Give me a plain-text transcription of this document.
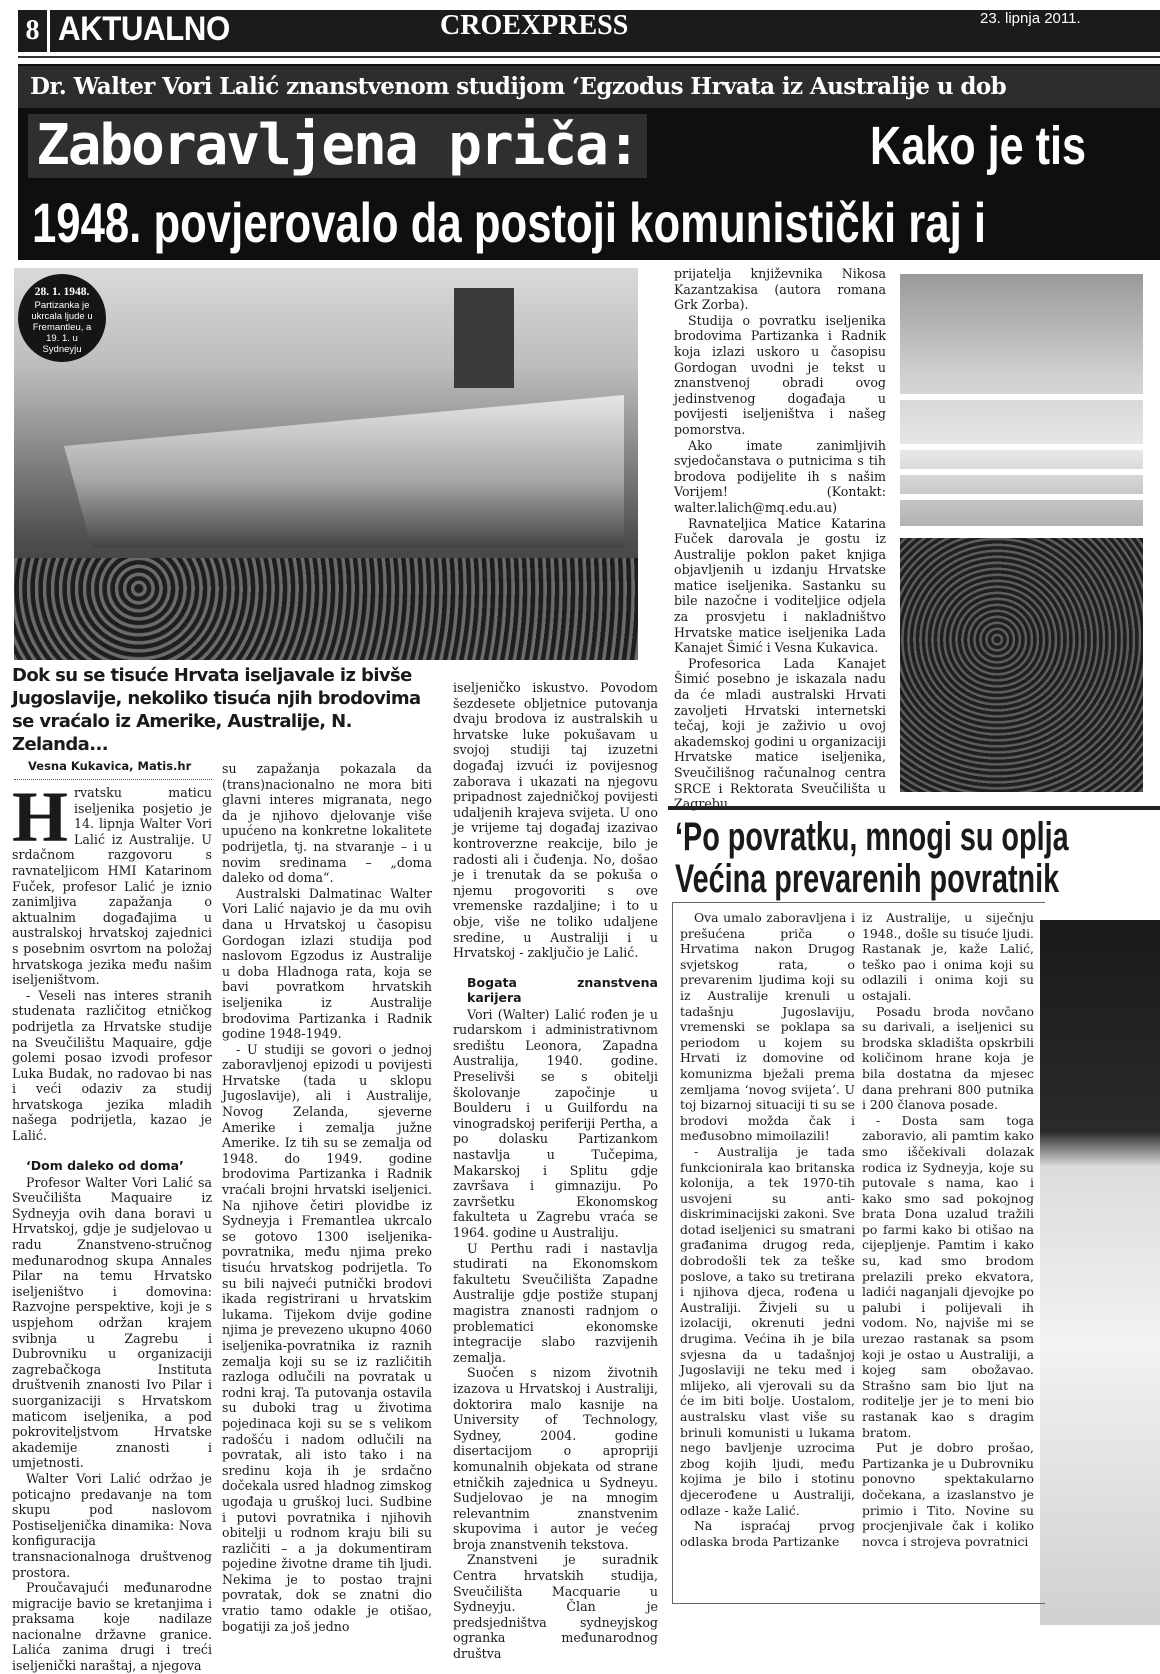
8 AKTUALNO	CROEXPRESS	23. lipnja 2011.
Dr. Walter Vori Lalić znanstvenom studijom ‘Egzodus Hrvata iz Australije u dob
Zaboravljena priča:	Kako je tis
1948. povjerovalo da postoji komunistički raj i
28. 1. 1948.
Partizanka je ukrcala ljude u Fremantleu, a 19. 1. u Sydneyju
Dok su se tisuće Hrvata iseljavale iz bivše Jugoslavije, nekoliko tisuća njih brodovima se vraćalo iz Amerike, Australije, N. Zelanda...
Vesna Kukavica, Matis.hr
H rvatsku maticu iseljenika posjetio je 14. lipnja Walter Vori Lalić iz Australije. U srdačnom razgovoru s ravnateljicom HMI Katarinom Fuček, profesor Lalić je iznio zanimljiva zapažanja o aktualnim događajima u australskoj hrvatskoj zajednici s posebnim osvrtom na položaj hrvatskoga jezika među našim iseljeništvom.

- Veseli nas interes stranih studenata različitog etničkog podrijetla za Hrvatske studije na Sveučilištu Maquaire, gdje golemi posao izvodi profesor Luka Budak, no radovao bi nas i veći odaziv za studij hrvatskoga jezika mladih našega podrijetla, kazao je Lalić.

‘Dom daleko od doma’

Profesor Walter Vori Lalić sa Sveučilišta Maquaire iz Sydneyja ovih dana boravi u Hrvatskoj, gdje je sudjelovao u radu Znanstveno-stručnog međunarodnog skupa Annales Pilar na temu Hrvatsko iseljeništvo i domovina: Razvojne perspektive, koji je s uspjehom održan krajem svibnja u Zagrebu i Dubrovniku u organizaciji zagrebačkoga Instituta društvenih znanosti Ivo Pilar i suorganizaciji s Hrvatskom maticom iseljenika, a pod pokroviteljstvom Hrvatske akademije znanosti i umjetnosti.

Walter Vori Lalić održao je poticajno predavanje na tom skupu pod naslovom Postiseljenička dinamika: Nova konfiguracija transnacionalnoga društvenog prostora.

Proučavajući međunarodne migracije bavio se kretanjima i praksama koje nadilaze nacionalne državne granice. Lalića zanima drugi i treći iseljenički naraštaj, a njegova

su zapažanja pokazala da (trans)nacionalno ne mora biti glavni interes migranata, nego da je njihovo djelovanje više upućeno na konkretne lokalitete podrijetla, tj. na stvaranje – i u novim sredinama – „doma daleko od doma“.

Australski Dalmatinac Walter Vori Lalić najavio je da mu ovih dana u Hrvatskoj u časopisu Gordogan izlazi studija pod naslovom Egzodus iz Australije u doba Hladnoga rata, koja se bavi povratkom hrvatskih iseljenika iz Australije brodovima Partizanka i Radnik godine 1948-1949.

- U studiji se govori o jednoj zaboravljenoj epizodi u povijesti Hrvatske (tada u sklopu Jugoslavije), ali i Australije, Novog Zelanda, sjeverne Amerike i zemalja južne Amerike. Iz tih su se zemalja od 1948. do 1949. godine brodovima Partizanka i Radnik vraćali brojni hrvatski iseljenici. Na njihove četiri plovidbe iz Sydneyja i Fremantlea ukrcalo se gotovo 1300 iseljenika-povratnika, među njima preko tisuću hrvatskog podrijetla. To su bili najveći putnički brodovi ikada registrirani u hrvatskim lukama. Tijekom dvije godine njima je prevezeno ukupno 4060 iseljenika-povratnika iz raznih zemalja koji su se iz različitih razloga odlučili na povratak u rodni kraj. Ta putovanja ostavila su duboki trag u životima pojedinaca koji su se s velikom radošću i nadom odlučili na povratak, ali isto tako i na sredinu koja ih je srdačno dočekala usred hladnog zimskog ugođaja u gruškoj luci. Sudbine i putovi povratnika i njihovih obitelji u rodnom kraju bili su različiti – a ja dokumentiram pojedine životne drame tih ljudi. Nekima je to postao trajni povratak, dok se znatni dio vratio tamo odakle je otišao, bogatiji za još jedno

iseljeničko iskustvo. Povodom šezdesete obljetnice putovanja dvaju brodova iz australskih u hrvatske luke pokušavam u svojoj studiji taj izuzetni događaj izvući iz povijesnog zaborava i ukazati na njegovu pripadnost zajedničkoj povijesti udaljenih krajeva svijeta. U ono je vrijeme taj događaj izazivao kontroverzne reakcije, bilo je radosti ali i čuđenja. No, došao je i trenutak da se pokuša o njemu progovoriti s ove vremenske razdaljine; i to u obje, više ne toliko udaljene sredine, u Australiji i u Hrvatskoj - zaključio je Lalić.

Bogata znanstvena karijera

Vori (Walter) Lalić rođen je u rudarskom i administrativnom središtu Leonora, Zapadna Australija, 1940. godine. Preselivši se s obitelji školovanje započinje u Boulderu i u Guilfordu na vinogradskoj periferiji Pertha, a po dolasku Partizankom nastavlja u Tučepima, Makarskoj i Splitu gdje završava i gimnaziju. Po završetku Ekonomskog fakulteta u Zagrebu vraća se 1964. godine u Australiju.

U Perthu radi i nastavlja studirati na Ekonomskom fakultetu Sveučilišta Zapadne Australije gdje postiže stupanj magistra znanosti radnjom o problematici ekonomske integracije slabo razvijenih zemalja.

Suočen s nizom životnih izazova u Hrvatskoj i Australiji, doktorira malo kasnije na University of Technology, Sydney, 2004. godine disertacijom o apropriji komunalnih objekata od strane etničkih zajednica u Sydneyu. Sudjelovao je na mnogim relevantnim znanstvenim skupovima i autor je većeg broja znanstvenih tekstova.

Znanstveni je suradnik Centra hrvatskih studija, Sveučilišta Macquarie u Sydneyju. Član je predsjedništva sydneyjskog ogranka međunarodnog društva

prijatelja književnika Nikosa Kazantzakisa (autora romana Grk Zorba).

Studija o povratku iseljenika brodovima Partizanka i Radnik koja izlazi uskoro u časopisu Gordogan uvodni je tekst u znanstvenoj obradi ovog jedinstvenog događaja u povijesti iseljeništva i našeg pomorstva.

Ako imate zanimljivih svjedočanstava o putnicima s tih brodova podijelite ih s našim Vorijem! (Kontakt: walter.lalich@mq.edu.au)

Ravnateljica Matice Katarina Fuček darovala je gostu iz Australije poklon paket knjiga objavljenih u izdanju Hrvatske matice iseljenika. Sastanku su bile nazočne i voditeljice odjela za prosvjetu i nakladništvo Hrvatske matice iseljenika Lada Kanajet Šimić i Vesna Kukavica.

Profesorica Lada Kanajet Šimić posebno je iskazala nadu da će mladi australski Hrvati zavoljeti Hrvatski internetski tečaj, koji je zaživio u ovoj akademskoj godini u organizaciji Hrvatske matice iseljenika, Sveučilišnog računalnog centra SRCE i Rektorata Sveučilišta u Zagrebu.

‘Po povratku, mnogi su oplja
Većina prevarenih povratnik

Ova umalo zaboravljena i prešućena priča o Hrvatima nakon Drugog svjetskog rata, o prevarenim ljudima koji su iz Australije krenuli u tadašnju Jugoslaviju, vremenski se poklapa sa periodom u kojem su Hrvati iz domovine od komunizma bježali prema zemljama ‘novog svijeta’. U toj bizarnoj situaciji ti su se brodovi možda čak i međusobno mimoilazili!

- Australija je tada funkcionirala kao britanska kolonija, a tek 1970-tih usvojeni su anti-diskriminacijski zakoni. Sve dotad iseljenici su smatrani građanima drugog reda, dobrodošli tek za teške poslove, a tako su tretirana i njihova djeca, rođena u Australiji. Živjeli su u izolaciji, okrenuti jedni drugima. Većina ih je bila svjesna da u tadašnjoj Jugoslaviji ne teku med i mlijeko, ali vjerovali su da će im biti bolje. Uostalom, australsku vlast više su brinuli komunisti u lukama nego bavljenje uzrocima zbog kojih ljudi, među kojima je bilo i stotinu djecerođene u Australiji, odlaze - kaže Lalić.

Na ispraćaj prvog odlaska broda Partizanke

iz Australije, u siječnju 1948., došle su tisuće ljudi. Rastanak je, kaže Lalić, teško pao i onima koji su odlazili i onima koji su ostajali.

Posadu broda novčano su darivali, a iseljenici su brodska skladišta opskrbili količinom hrane koja je bila dostatna da mjesec dana prehrani 800 putnika i 200 članova posade.

- Dosta sam toga zaboravio, ali pamtim kako smo iščekivali dolazak rodica iz Sydneyja, koje su putovale s nama, kao i kako smo sad pokojnog brata Dona uzalud tražili po farmi kako bi otišao na cijepljenje. Pamtim i kako su, kad smo brodom prelazili preko ekvatora, ladići naganjali djevojke po palubi i polijevali ih vodom. No, najviše mi se urezao rastanak sa psom koji je ostao u Australiji, a kojeg sam obožavao. Strašno sam bio ljut na roditelje jer je to meni bio rastanak kao s dragim bratom.

Put je dobro prošao, Partizanka je u Dubrovniku ponovno spektakularno dočekana, a izaslanstvo je primio i Tito. Novine su procjenjivale čak i koliko novca i strojeva povratnici
